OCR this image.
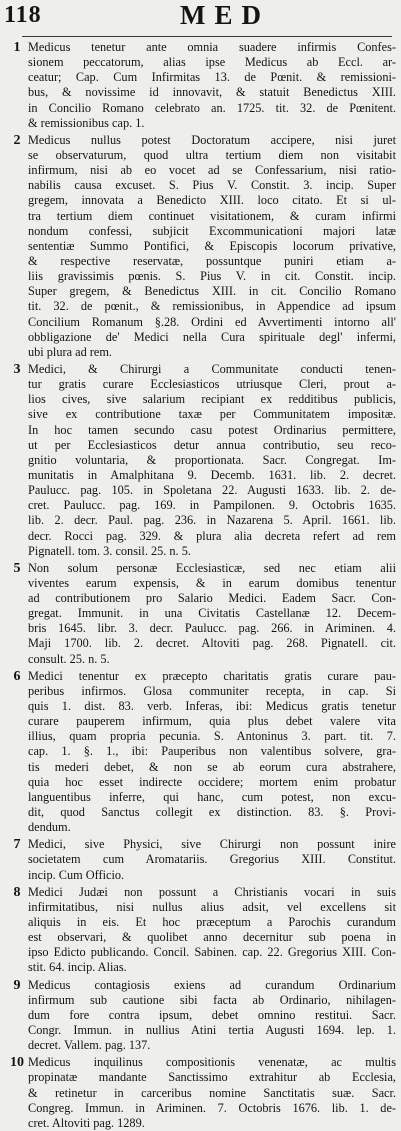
118	MED
1 Medicus tenetur ante omnia suadere infirmis Confes-
sionem peccatorum, alias ipse Medicus ab Eccl. ar-
ceatur; Cap. Cum Infirmitas 13. de Pœnit. & remissioni-
bus, & novissime id innovavit, & statuit Benedictus XIII.
in Concilio Romano celebrato an. 1725. tit. 32. de Pœnitent.
& remissionibus cap. 1.
2 Medicus nullus potest Doctoratum accipere, nisi juret
se observaturum, quod ultra tertium diem non visitabit
infirmum, nisi ab eo vocet ad se Confessarium, nisi ratio-
nabilis causa excuset. S. Pius V. Constit. 3. incip. Super
gregem, innovata a Benedicto XIII. loco citato. Et si ul-
tra tertium diem continuet visitationem, & curam infirmi
nondum confessi, subjicit Excommunicationi majori latæ
sententiæ Summo Pontifici, & Episcopis locorum privative,
& respective reservatæ, possuntque puniri etiam a-
liis gravissimis pœnis. S. Pius V. in cit. Constit. incip.
Super gregem, & Benedictus XIII. in cit. Concilio Romano
tit. 32. de pœnit., & remissionibus, in Appendice ad ipsum
Concilium Romanum §.28. Ordini ed Avvertimenti intorno all'
obbligazione de' Medici nella Cura spirituale degl' infermi,
ubi plura ad rem.
3 Medici, & Chirurgi a Communitate conducti tenen-
tur gratis curare Ecclesiasticos utriusque Cleri, prout a-
lios cives, sive salarium recipiant ex redditibus publicis,
sive ex contributione taxæ per Communitatem impositæ.
In hoc tamen secundo casu potest Ordinarius permittere,
ut per Ecclesiasticos detur annua contributio, seu reco-
gnitio voluntaria, & proportionata. Sacr. Congregat. Im-
munitatis in Amalphitana 9. Decemb. 1631. lib. 2. decret.
Paulucc. pag. 105. in Spoletana 22. Augusti 1633. lib. 2. de-
cret. Paulucc. pag. 169. in Pampilonen. 9. Octobris 1635.
lib. 2. decr. Paul. pag. 236. in Nazarena 5. April. 1661. lib.
decr. Rocci pag. 329. & plura alia decreta refert ad rem
Pignatell. tom. 3. consil. 25. n. 5.
5 Non solum personæ Ecclesiasticæ, sed nec etiam alii
viventes earum expensis, & in earum domibus tenentur
ad contributionem pro Salario Medici. Eadem Sacr. Con-
gregat. Immunit. in una Civitatis Castellanæ 12. Decem-
bris 1645. libr. 3. decr. Paulucc. pag. 266. in Ariminen. 4.
Maji 1700. lib. 2. decret. Altoviti pag. 268. Pignatell. cit.
consult. 25. n. 5.
6 Medici tenentur ex præcepto charitatis gratis curare pau-
peribus infirmos. Glosa communiter recepta, in cap. Si
quis 1. dist. 83. verb. Inferas, ibi: Medicus gratis tenetur
curare pauperem infirmum, quia plus debet valere vita
illius, quam propria pecunia. S. Antoninus 3. part. tit. 7.
cap. 1. §. 1., ibi: Pauperibus non valentibus solvere, gra-
tis mederi debet, & non se ab eorum cura abstrahere,
quia hoc esset indirecte occidere; mortem enim probatur
languentibus inferre, qui hanc, cum potest, non excu-
dit, quod Sanctus collegit ex distinction. 83. §. Provi-
dendum.
7 Medici, sive Physici, sive Chirurgi non possunt inire
societatem cum Aromatariis. Gregorius XIII. Constitut.
incip. Cum Officio.
8 Medici Judæi non possunt a Christianis vocari in suis
infirmitatibus, nisi nullus alius adsit, vel excellens sit
aliquis in eis. Et hoc præceptum a Parochis curandum
est observari, & quolibet anno decernitur sub poena in
ipso Edicto publicando. Concil. Sabinen. cap. 22. Gregorius XIII. Con-
stit. 64. incip. Alias.
9 Medicus contagiosis exiens ad curandum Ordinarium
infirmum sub cautione sibi facta ab Ordinario, nihilagen-
dum fore contra ipsum, debet omnino restitui. Sacr.
Congr. Immun. in nullius Atini tertia Augusti 1694. lep. 1.
decret. Vallem. pag. 137.
10 Medicus inquilinus compositionis venenatæ, ac multis
propinatæ mandante Sanctissimo extrahitur ab Ecclesia,
& retinetur in carceribus nomine Sanctitatis suæ. Sacr.
Congreg. Immun. in Ariminen. 7. Octobris 1676. lib. 1. de-
cret. Altoviti pag. 1289.
